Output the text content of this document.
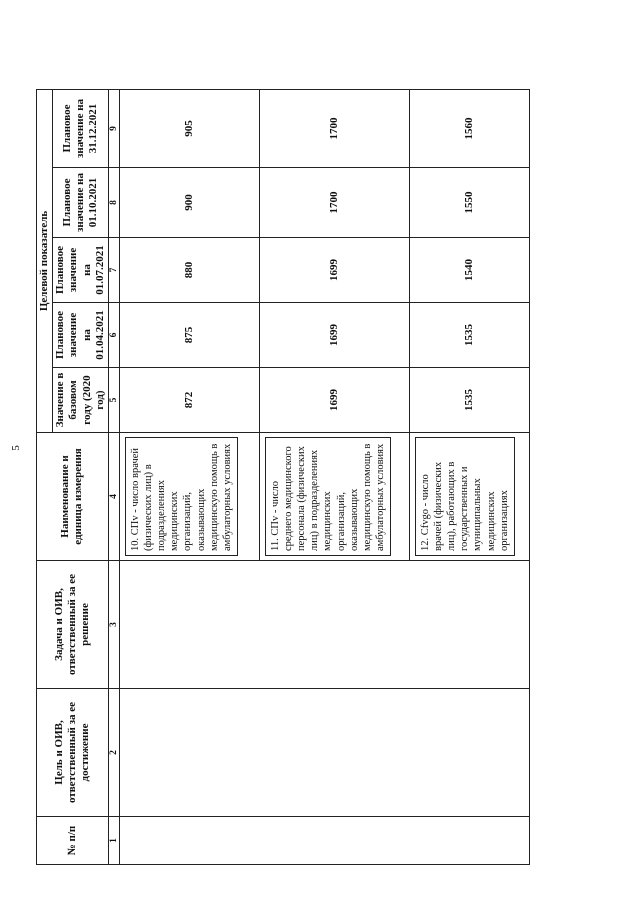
5
№ п/п	Цель и ОИВ, ответственный за ее достижение	Задача и ОИВ, ответственный за ее решение	Наименование и единица измерения	Целевой показатель				
				Значение в базовом году (2020 год)	Плановое значение на 01.04.2021	Плановое значение на 01.07.2021	Плановое значение на 01.10.2021	Плановое значение на 31.12.2021
1	2	3	4	5	6	7	8	9

			10. СПv - число врачей (физических лиц) в подразделениях медицинских организаций, оказывающих медицинскую помощь в амбулаторных условиях	872	875	880	900	905

			11. СПv - число среднего медицинского персонала (физических лиц) в подразделениях медицинских организаций, оказывающих медицинскую помощь в амбулаторных условиях	1699	1699	1699	1700	1700

			12. Cfvgo - число врачей (физических лиц), работающих в государственных и муниципальных медицинских организациях	1535	1535	1540	1550	1560
